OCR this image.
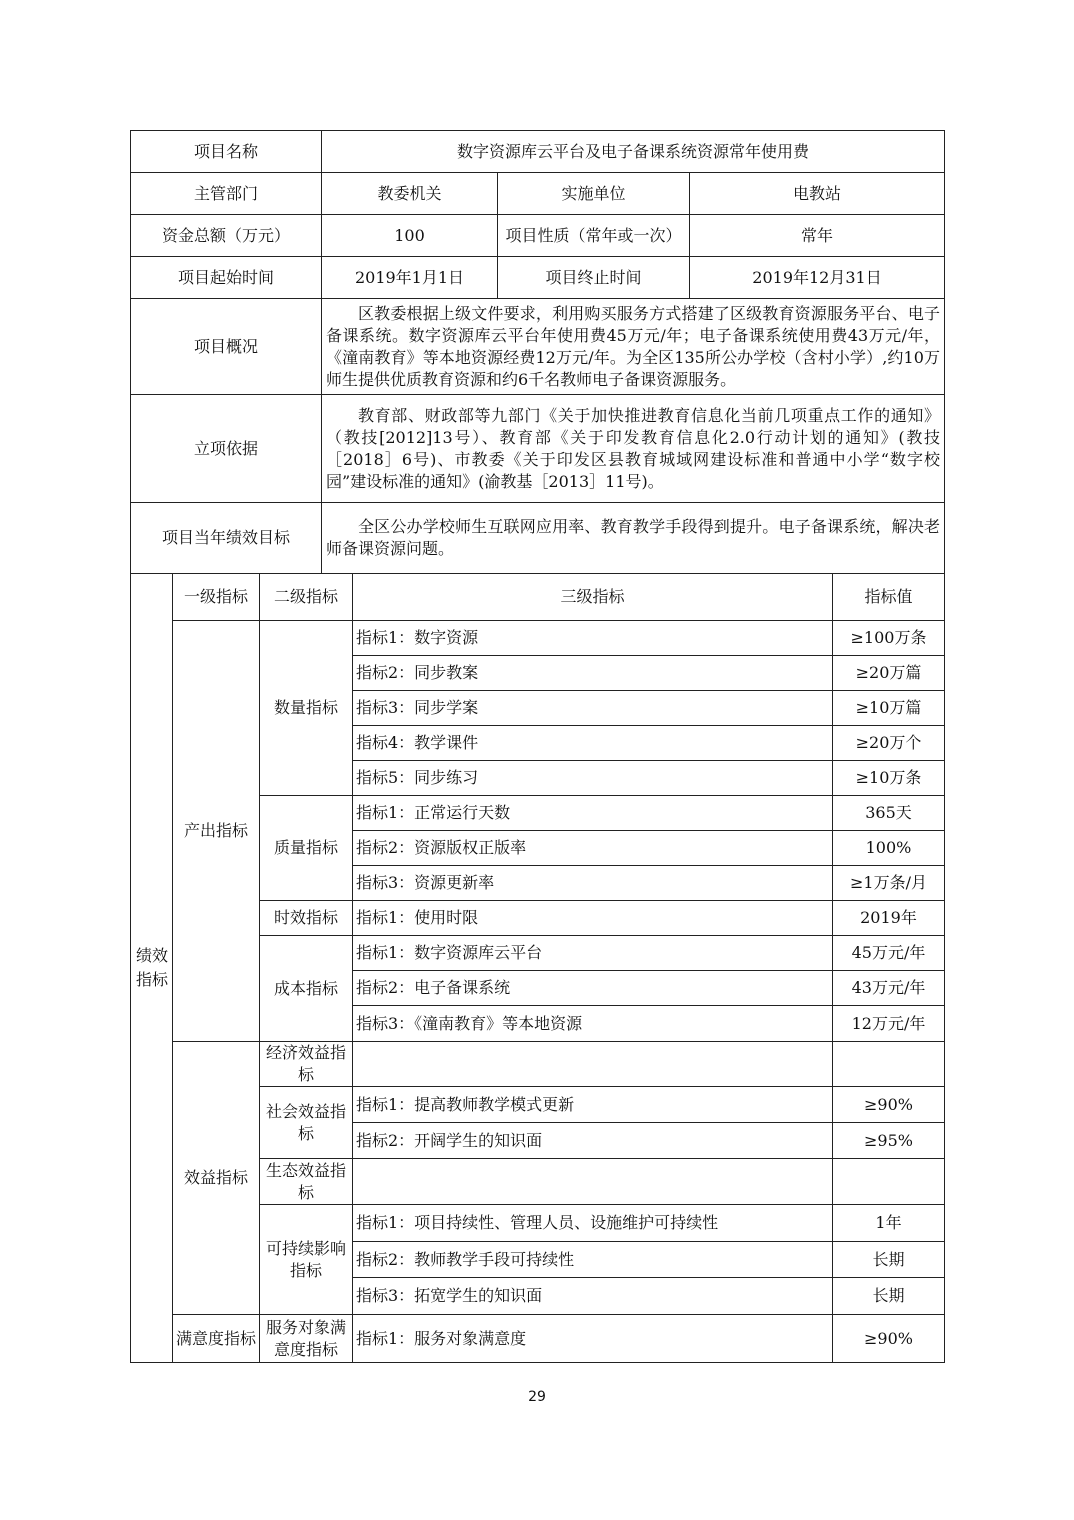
项目名称	数字资源库云平台及电子备课系统资源常年使用费		
主管部门	教委机关	实施单位	电教站
资金总额（万元）	100	项目性质（常年或一次）	常年
项目起始时间	2019年1月1日	项目终止时间	2019年12月31日
项目概况	区教委根据上级文件要求，利用购买服务方式搭建了区级教育资源服务平台、电子备课系统。数字资源库云平台年使用费45万元/年；电子备课系统使用费43万元/年，《潼南教育》等本地资源经费12万元/年。为全区135所公办学校（含村小学）,约10万师生提供优质教育资源和约6千名教师电子备课资源服务。		
立项依据	教育部、财政部等九部门《关于加快推进教育信息化当前几项重点工作的通知》（教技[2012]13号）、教育部《关于印发教育信息化2.0行动计划的通知》(教技［2018］6号)、市教委《关于印发区县教育城域网建设标准和普通中小学“数字校园”建设标准的通知》(渝教基［2013］11号)。		
项目当年绩效目标	全区公办学校师生互联网应用率、教育教学手段得到提升。电子备课系统，解决老师备课资源问题。		
绩效指标	一级指标	二级指标	三级指标	指标值
	产出指标	数量指标	指标1：数字资源	≥100万条
			指标2：同步教案	≥20万篇
			指标3：同步学案	≥10万篇
			指标4：教学课件	≥20万个
			指标5：同步练习	≥10万条
		质量指标	指标1：正常运行天数	365天
			指标2：资源版权正版率	100%
			指标3：资源更新率	≥1万条/月
		时效指标	指标1：使用时限	2019年
		成本指标	指标1：数字资源库云平台	45万元/年
			指标2：电子备课系统	43万元/年
			指标3：《潼南教育》等本地资源	12万元/年
	效益指标	经济效益指标		
		社会效益指标	指标1：提高教师教学模式更新	≥90%
			指标2：开阔学生的知识面	≥95%
		生态效益指标		
		可持续影响指标	指标1：项目持续性、管理人员、设施维护可持续性	1年
			指标2：教师教学手段可持续性	长期
			指标3：拓宽学生的知识面	长期
	满意度指标	服务对象满意度指标	指标1：服务对象满意度	≥90%
29
